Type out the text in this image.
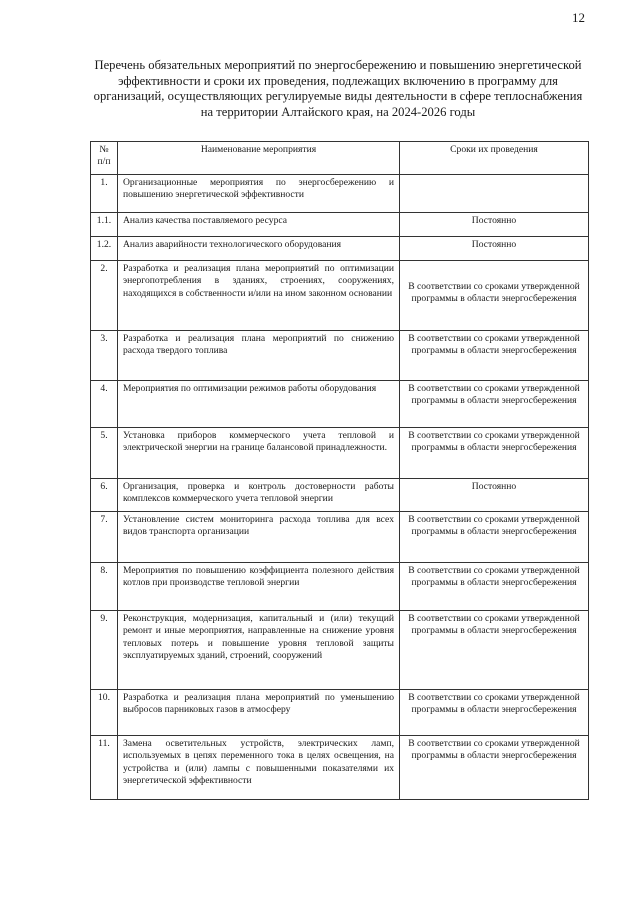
12
Перечень обязательных мероприятий по энергосбережению и повышению энергетической
эффективности и сроки их проведения, подлежащих включению в программу для
организаций, осуществляющих регулируемые виды деятельности в сфере теплоснабжения
на территории Алтайского края, на 2024-2026 годы
№ п/п	Наименование мероприятия	Сроки их проведения
1.	Организационные мероприятия по энергосбережению и повышению энергетической эффективности	
1.1.	Анализ качества поставляемого ресурса	Постоянно
1.2.	Анализ аварийности технологического оборудования	Постоянно
2.	Разработка и реализация плана мероприятий по оптимизации энергопотребления в зданиях, строениях, сооружениях, находящихся в собственности и/или на ином законном основании	В соответствии со сроками утвержденной программы в области энергосбережения
3.	Разработка и реализация плана мероприятий по снижению расхода твердого топлива	В соответствии со сроками утвержденной программы в области энергосбережения
4.	Мероприятия по оптимизации режимов работы оборудования	В соответствии со сроками утвержденной программы в области энергосбережения
5.	Установка приборов коммерческого учета тепловой и электрической энергии на границе балансовой принадлежности.	В соответствии со сроками утвержденной программы в области энергосбережения
6.	Организация, проверка и контроль достоверности работы комплексов коммерческого учета тепловой энергии	Постоянно
7.	Установление систем мониторинга расхода топлива для всех видов транспорта организации	В соответствии со сроками утвержденной программы в области энергосбережения
8.	Мероприятия по повышению коэффициента полезного действия котлов при производстве тепловой энергии	В соответствии со сроками утвержденной программы в области энергосбережения
9.	Реконструкция, модернизация, капитальный и (или) текущий ремонт и иные мероприятия, направленные на снижение уровня тепловых потерь и повышение уровня тепловой защиты эксплуатируемых зданий, строений, сооружений	В соответствии со сроками утвержденной программы в области энергосбережения
10.	Разработка и реализация плана мероприятий по уменьшению выбросов парниковых газов в атмосферу	В соответствии со сроками утвержденной программы в области энергосбережения
11.	Замена осветительных устройств, электрических ламп, используемых в цепях переменного тока в целях освещения, на устройства и (или) лампы с повышенными показателями их энергетической эффективности	В соответствии со сроками утвержденной программы в области энергосбережения
